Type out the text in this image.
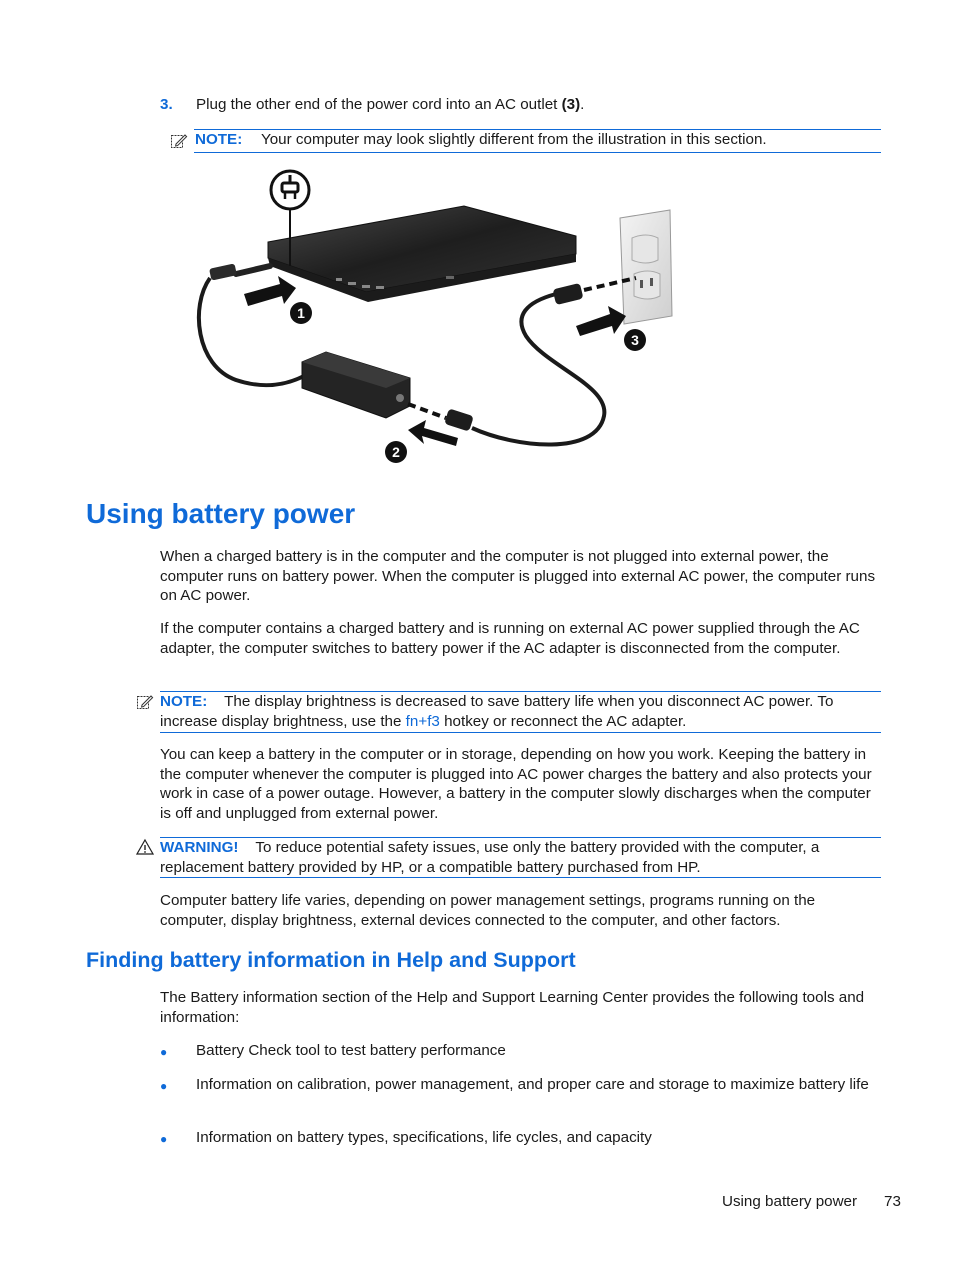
3. Plug the other end of the power cord into an AC outlet (3).
NOTE: Your computer may look slightly different from the illustration in this section.
1
2
3
Using battery power

When a charged battery is in the computer and the computer is not plugged into external power, the computer runs on battery power. When the computer is plugged into external AC power, the computer runs on AC power.

If the computer contains a charged battery and is running on external AC power supplied through the AC adapter, the computer switches to battery power if the AC adapter is disconnected from the computer.

NOTE: The display brightness is decreased to save battery life when you disconnect AC power. To increase display brightness, use the fn+f3 hotkey or reconnect the AC adapter.

You can keep a battery in the computer or in storage, depending on how you work. Keeping the battery in the computer whenever the computer is plugged into AC power charges the battery and also protects your work in case of a power outage. However, a battery in the computer slowly discharges when the computer is off and unplugged from external power.

WARNING! To reduce potential safety issues, use only the battery provided with the computer, a replacement battery provided by HP, or a compatible battery purchased from HP.

Computer battery life varies, depending on power management settings, programs running on the computer, display brightness, external devices connected to the computer, and other factors.

Finding battery information in Help and Support

The Battery information section of the Help and Support Learning Center provides the following tools and information:

● Battery Check tool to test battery performance
● Information on calibration, power management, and proper care and storage to maximize battery life
● Information on battery types, specifications, life cycles, and capacity
Using battery power 73
